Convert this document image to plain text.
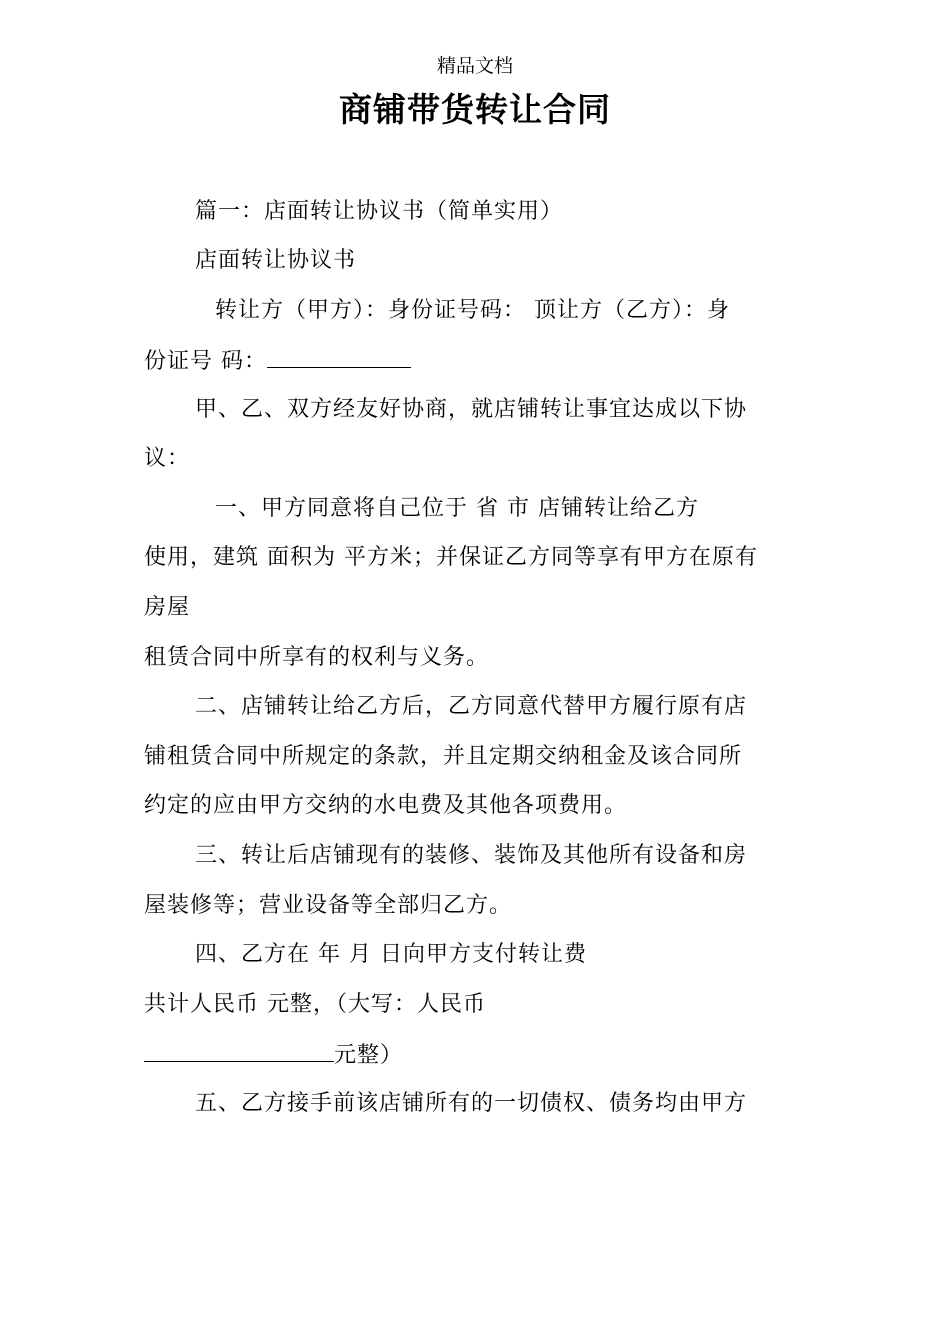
精品文档
商铺带货转让合同
篇一：店面转让协议书（简单实用）
店面转让协议书
转让方（甲方）：身份证号码： 顶让方（乙方）：身
份证号 码：
甲、乙、双方经友好协商，就店铺转让事宜达成以下协
议：
一、甲方同意将自己位于 省 市 店铺转让给乙方
使用，建筑 面积为 平方米；并保证乙方同等享有甲方在原有
房屋
租赁合同中所享有的权利与义务。
二、店铺转让给乙方后，乙方同意代替甲方履行原有店
铺租赁合同中所规定的条款，并且定期交纳租金及该合同所
约定的应由甲方交纳的水电费及其他各项费用。
三、转让后店铺现有的装修、装饰及其他所有设备和房
屋装修等；营业设备等全部归乙方。
四、乙方在 年 月 日向甲方支付转让费
共计人民币 元整，（大写：人民币
元整）
五、乙方接手前该店铺所有的一切债权、债务均由甲方
